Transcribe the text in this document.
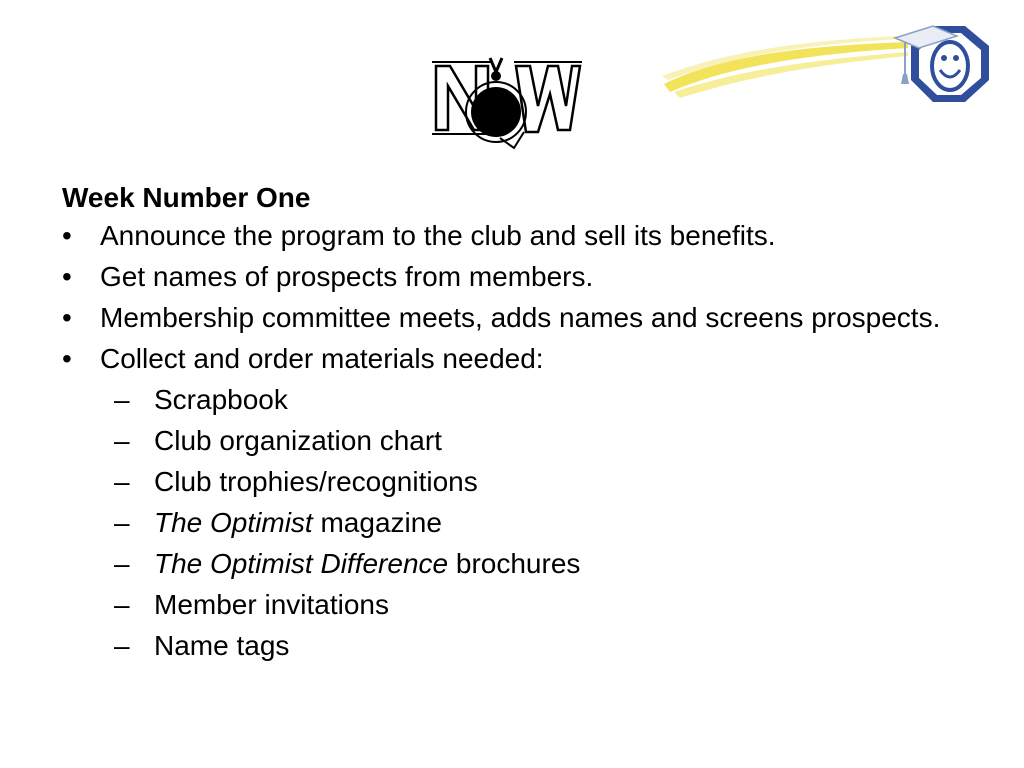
Week Number One
•	Announce the program to the club and sell its benefits.
•	Get names of prospects from members.
•	Membership committee meets, adds names and screens prospects.
•	Collect and order materials needed:
– Scrapbook
– Club organization chart
– Club trophies/recognitions
– The Optimist magazine
– The Optimist Difference brochures
– Member invitations
– Name tags
